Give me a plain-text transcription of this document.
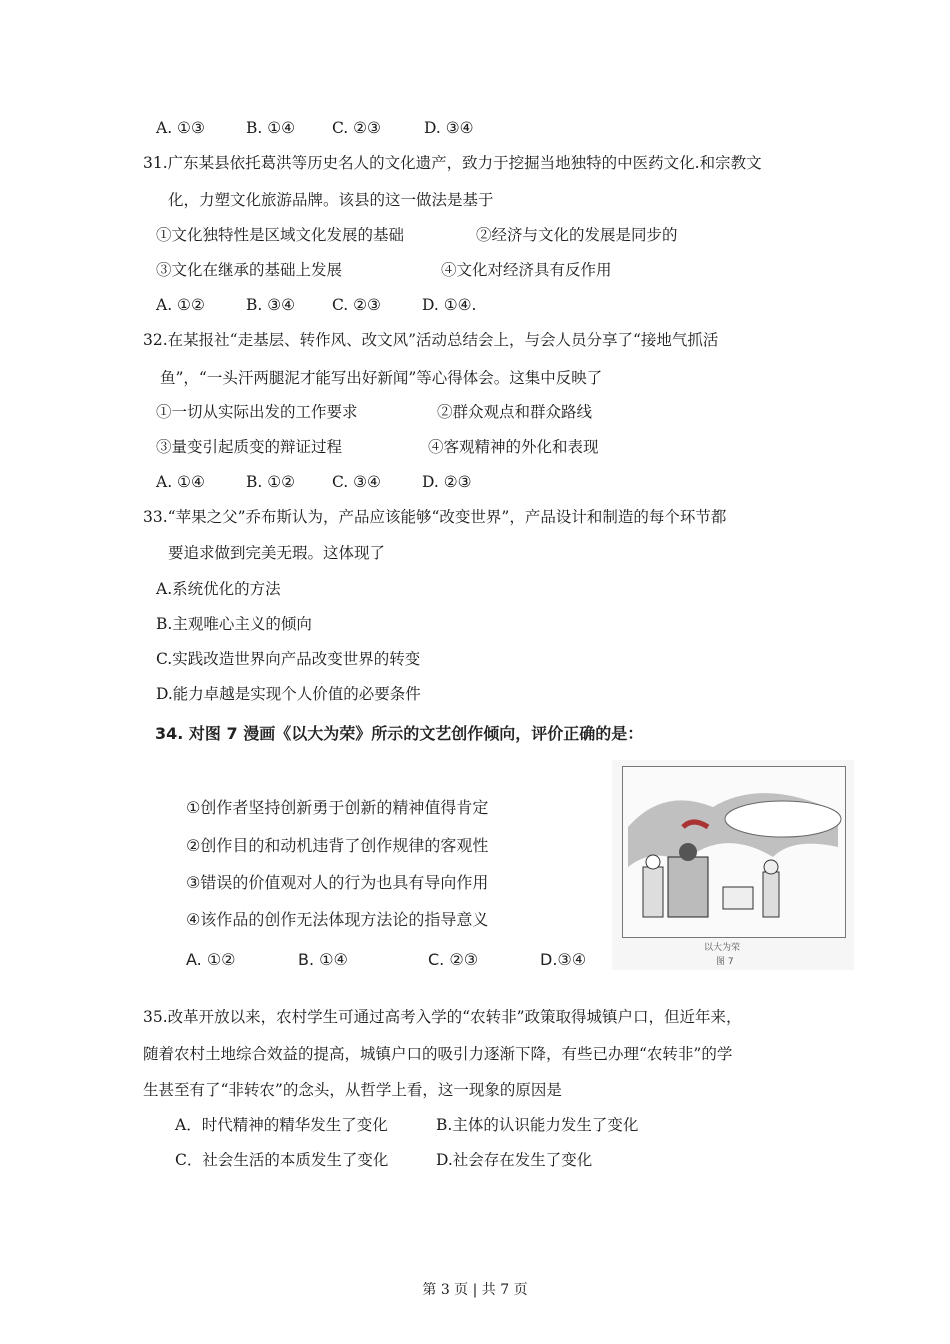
A. ①③	B. ①④ C. ②③	D. ③④
31.广东某县依托葛洪等历史名人的文化遗产，致力于挖掘当地独特的中医药文化.和宗教文
化，力塑文化旅游品牌。该县的这一做法是基于
①文化独特性是区域文化发展的基础	②经济与文化的发展是同步的
③文化在继承的基础上发展	④文化对经济具有反作用
A. ①②	B. ③④ C. ②③	D. ①④.
32.在某报社“走基层、转作风、改文风”活动总结会上，与会人员分享了“接地气抓活
鱼”，“一头汗两腿泥才能写出好新闻”等心得体会。这集中反映了
①一切从实际出发的工作要求	②群众观点和群众路线
③量变引起质变的辩证过程	④客观精神的外化和表现
A. ①④	B. ①② C. ③④	D. ②③
33.“苹果之父”乔布斯认为，产品应该能够“改变世界”，产品设计和制造的每个环节都
要追求做到完美无瑕。这体现了
A.系统优化的方法
B.主观唯心主义的倾向
C.实践改造世界向产品改变世界的转变
D.能力卓越是实现个人价值的必要条件
34. 对图 7 漫画《以大为荣》所示的文艺创作倾向，评价正确的是：
①创作者坚持创新勇于创新的精神值得肯定
②创作目的和动机违背了创作规律的客观性
③错误的价值观对人的行为也具有导向作用
④该作品的创作无法体现方法论的指导意义
A. ①②	B. ①④	C. ②③	D.③④
以大为荣
图 7
35.改革开放以来，农村学生可通过高考入学的“农转非”政策取得城镇户口，但近年来，
随着农村土地综合效益的提高，城镇户口的吸引力逐渐下降，有些已办理“农转非”的学
生甚至有了“非转农”的念头，从哲学上看，这一现象的原因是
A．时代精神的精华发生了变化	B.主体的认识能力发生了变化
C．社会生活的本质发生了变化	D.社会存在发生了变化
第 3 页 | 共 7 页
